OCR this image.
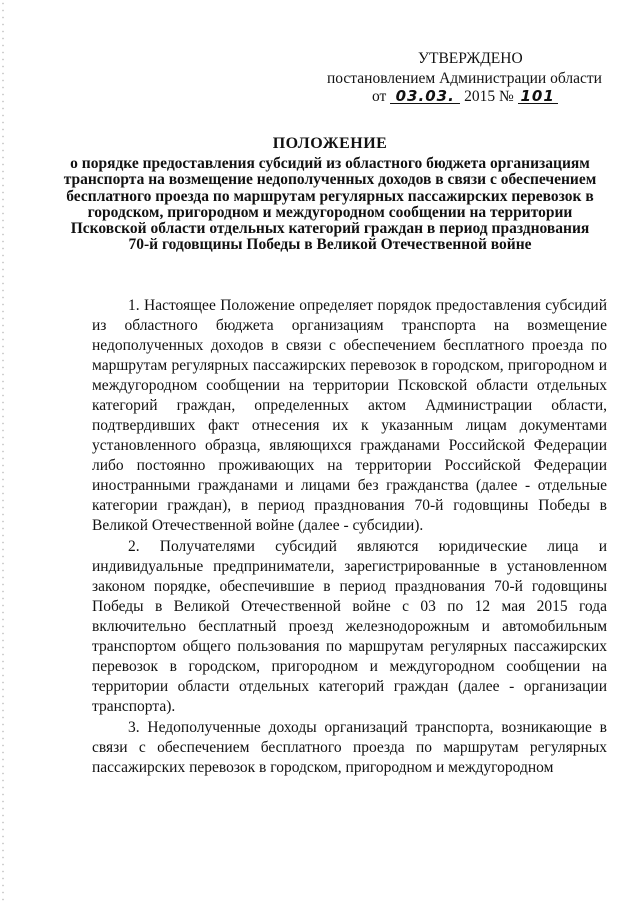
УТВЕРЖДЕНО
постановлением Администрации области
от 03.03. 2015 № 101
ПОЛОЖЕНИЕ
о порядке предоставления субсидий из областного бюджета организациям транспорта на возмещение недополученных доходов в связи с обеспечением бесплатного проезда по маршрутам регулярных пассажирских перевозок в городском, пригородном и междугородном сообщении на территории Псковской области отдельных категорий граждан в период празднования 70-й годовщины Победы в Великой Отечественной войне

1. Настоящее Положение определяет порядок предоставления субсидий из областного бюджета организациям транспорта на возмещение недополученных доходов в связи с обеспечением бесплатного проезда по маршрутам регулярных пассажирских перевозок в городском, пригородном и междугородном сообщении на территории Псковской области отдельных категорий граждан, определенных актом Администрации области, подтвердивших факт отнесения их к указанным лицам документами установленного образца, являющихся гражданами Российской Федерации либо постоянно проживающих на территории Российской Федерации иностранными гражданами и лицами без гражданства (далее - отдельные категории граждан), в период празднования 70-й годовщины Победы в Великой Отечественной войне (далее - субсидии).

2. Получателями субсидий являются юридические лица и индивидуальные предприниматели, зарегистрированные в установленном законом порядке, обеспечившие в период празднования 70-й годовщины Победы в Великой Отечественной войне с 03 по 12 мая 2015 года включительно бесплатный проезд железнодорожным и автомобильным транспортом общего пользования по маршрутам регулярных пассажирских перевозок в городском, пригородном и междугородном сообщении на территории области отдельных категорий граждан (далее - организации транспорта).

3. Недополученные доходы организаций транспорта, возникающие в связи с обеспечением бесплатного проезда по маршрутам регулярных пассажирских перевозок в городском, пригородном и междугородном
